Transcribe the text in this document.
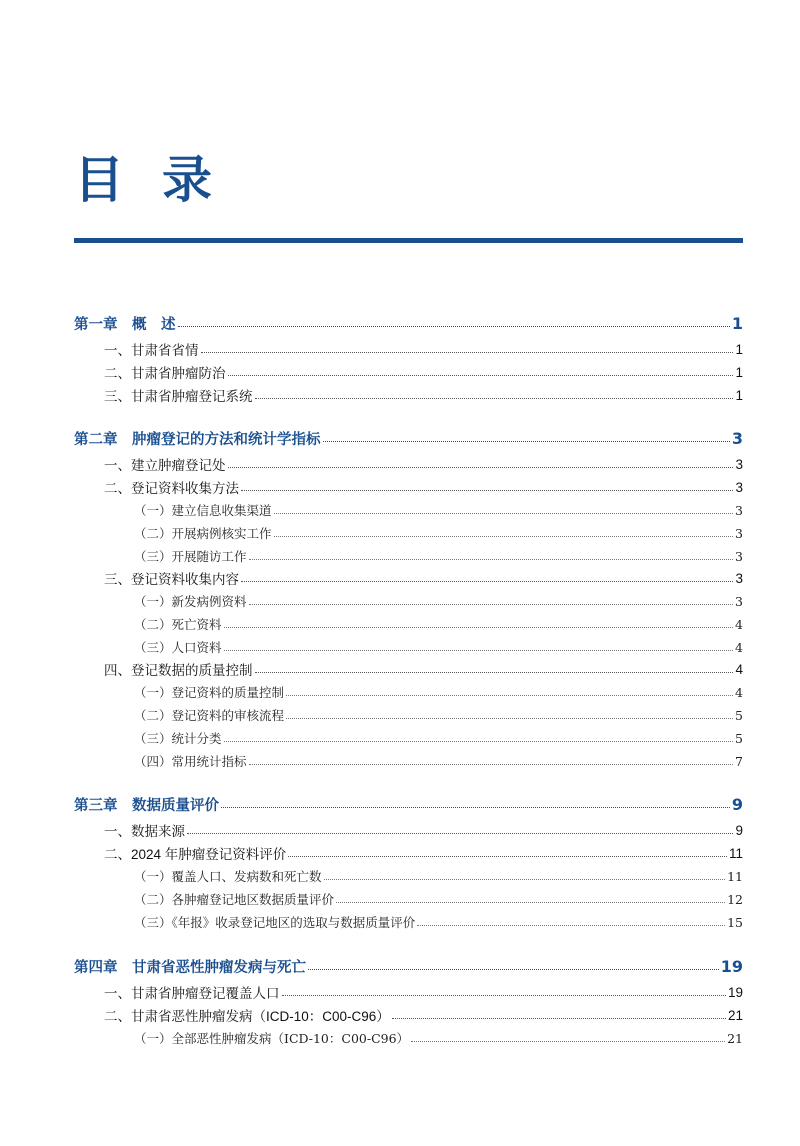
目 录
第一章　概　述	1
一、甘肃省省情	1
二、甘肃省肿瘤防治	1
三、甘肃省肿瘤登记系统	1
第二章　肿瘤登记的方法和统计学指标	3
一、建立肿瘤登记处	3
二、登记资料收集方法	3
（一）建立信息收集渠道	3
（二）开展病例核实工作	3
（三）开展随访工作	3
三、登记资料收集内容	3
（一）新发病例资料	3
（二）死亡资料	4
（三）人口资料	4
四、登记数据的质量控制	4
（一）登记资料的质量控制	4
（二）登记资料的审核流程	5
（三）统计分类	5
（四）常用统计指标	7
第三章　数据质量评价	9
一、数据来源	9
二、2024 年肿瘤登记资料评价	11
（一）覆盖人口、发病数和死亡数	11
（二）各肿瘤登记地区数据质量评价	12
（三）《年报》收录登记地区的选取与数据质量评价	15
第四章　甘肃省恶性肿瘤发病与死亡	19
一、甘肃省肿瘤登记覆盖人口	19
二、甘肃省恶性肿瘤发病（ICD-10：C00-C96）	21
（一）全部恶性肿瘤发病（ICD-10：C00-C96）	21
